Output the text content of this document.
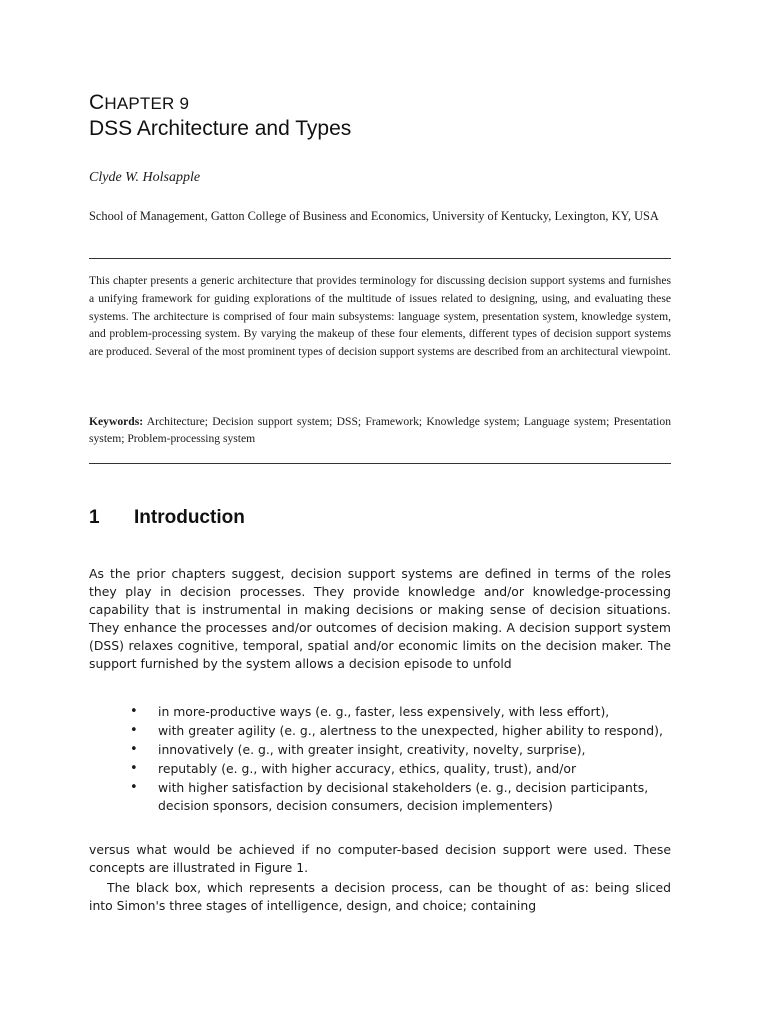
CHAPTER 9
DSS Architecture and Types
Clyde W. Holsapple

School of Management, Gatton College of Business and Economics, University of Kentucky, Lexington, KY, USA

This chapter presents a generic architecture that provides terminology for discussing decision support systems and furnishes a unifying framework for guiding explorations of the multitude of issues related to designing, using, and evaluating these systems. The architecture is comprised of four main subsystems: language system, presentation system, knowledge system, and problem-processing system. By varying the makeup of these four elements, different types of decision support systems are produced. Several of the most prominent types of decision support systems are described from an architectural viewpoint.

Keywords: Architecture; Decision support system; DSS; Framework; Knowledge system; Language system; Presentation system; Problem-processing system

1 Introduction

As the prior chapters suggest, decision support systems are defined in terms of the roles they play in decision processes. They provide knowledge and/or knowledge-processing capability that is instrumental in making decisions or making sense of decision situations. They enhance the processes and/or outcomes of decision making. A decision support system (DSS) relaxes cognitive, temporal, spatial and/or economic limits on the decision maker. The support furnished by the system allows a decision episode to unfold

• in more-productive ways (e. g., faster, less expensively, with less effort),
• with greater agility (e. g., alertness to the unexpected, higher ability to respond),
• innovatively (e. g., with greater insight, creativity, novelty, surprise),
• reputably (e. g., with higher accuracy, ethics, quality, trust), and/or
• with higher satisfaction by decisional stakeholders (e. g., decision participants, decision sponsors, decision consumers, decision implementers)

versus what would be achieved if no computer-based decision support were used. These concepts are illustrated in Figure 1.

The black box, which represents a decision process, can be thought of as: being sliced into Simon's three stages of intelligence, design, and choice; containing
